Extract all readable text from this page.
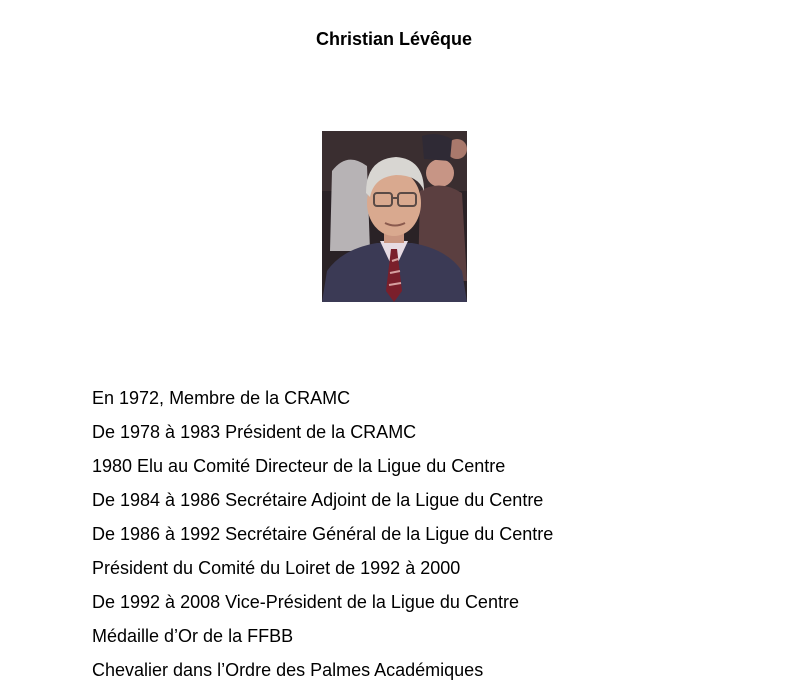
Christian Lévêque
En 1972, Membre de la CRAMC
De 1978 à 1983 Président de la CRAMC
1980 Elu au Comité Directeur de la Ligue du Centre
De 1984 à 1986 Secrétaire Adjoint de la Ligue du Centre
De 1986 à 1992 Secrétaire Général de la Ligue du Centre
Président du Comité du Loiret de 1992 à 2000
De 1992 à 2008 Vice-Président de la Ligue du Centre
Médaille d’Or de la FFBB
Chevalier dans l’Ordre des Palmes Académiques
